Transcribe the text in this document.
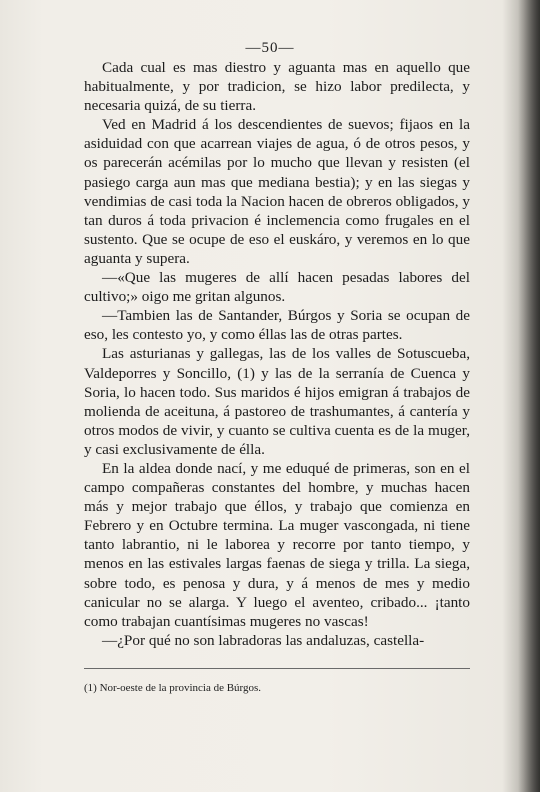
—50—

Cada cual es mas diestro y aguanta mas en aquello que habitualmente, y por tradicion, se hizo labor predilecta, y necesaria quizá, de su tierra.

Ved en Madrid á los descendientes de suevos; fijaos en la asiduidad con que acarrean viajes de agua, ó de otros pesos, y os parecerán acémilas por lo mucho que llevan y resisten (el pasiego carga aun mas que mediana bestia); y en las siegas y vendimias de casi toda la Nacion hacen de obreros obligados, y tan duros á toda privacion é inclemencia como frugales en el sustento. Que se ocupe de eso el euskáro, y veremos en lo que aguanta y supera.

—«Que las mugeres de allí hacen pesadas labores del cultivo;» oigo me gritan algunos.

—Tambien las de Santander, Búrgos y Soria se ocupan de eso, les contesto yo, y como éllas las de otras partes.

Las asturianas y gallegas, las de los valles de Sotuscueba, Valdeporres y Soncillo, (1) y las de la serranía de Cuenca y Soria, lo hacen todo. Sus maridos é hijos emigran á trabajos de molienda de aceituna, á pastoreo de trashumantes, á cantería y otros modos de vivir, y cuanto se cultiva cuenta es de la muger, y casi exclusivamente de élla.

En la aldea donde nací, y me eduqué de primeras, son en el campo compañeras constantes del hombre, y muchas hacen más y mejor trabajo que éllos, y trabajo que comienza en Febrero y en Octubre termina. La muger vascongada, ni tiene tanto labrantio, ni le laborea y recorre por tanto tiempo, y menos en las estivales largas faenas de siega y trilla. La siega, sobre todo, es penosa y dura, y á menos de mes y medio canicular no se alarga. Y luego el aventeo, cribado... ¡tanto como trabajan cuantísimas mugeres no vascas!

—¿Por qué no son labradoras las andaluzas, castella-

(1) Nor-oeste de la provincia de Búrgos.
